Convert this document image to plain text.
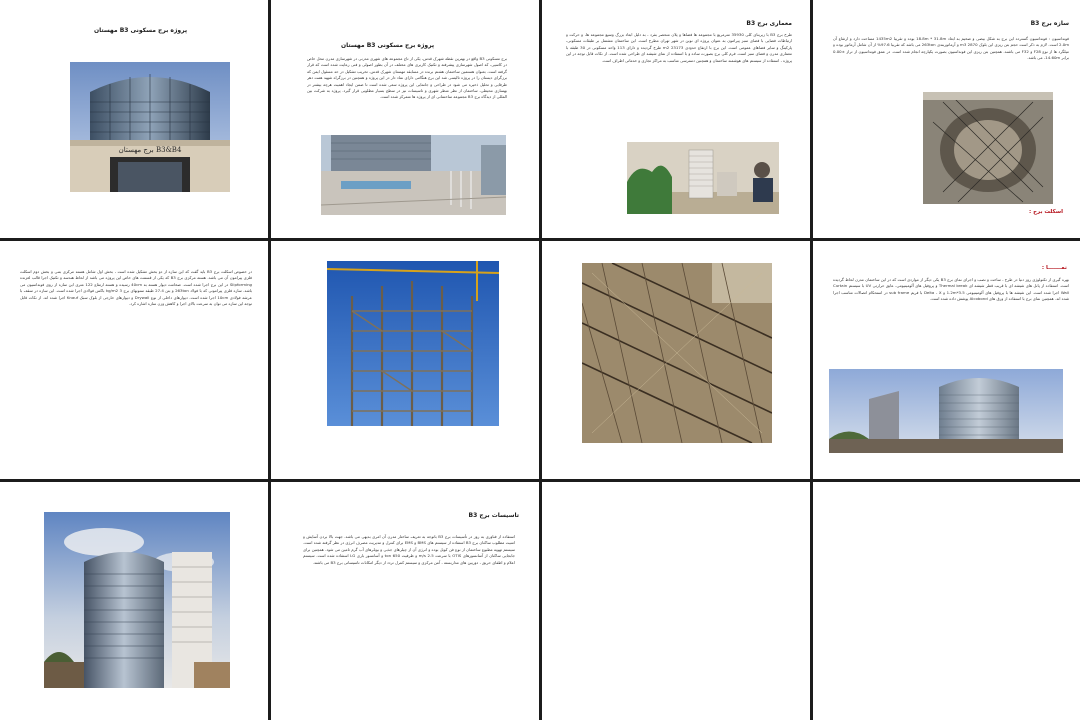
پروژه برج مسکونی B3 مهستان
برج مهستان B3&B4
پروژه برج مسکونی B3 مهستان
برج مسکونی B3 واقع در بهترین نقطه شهرک قدس، یکی از تاج مجموعه های شهری مدرنی در شهرسازی مدرن محل خاص در کاسپی، که اصول شهرسازی پیشرفته و تکنیک کاربری های مختلف در آن بطور اصولی و فنی رعایت شده است که قرار گرفته است. بعنوان هستمین ساختمان هشتم برنده در مسابقه مهستان شهرک قدس، تخریب تشکیل در حد مسئول ایمن که برزگرای دیسنان را در پروژه تالیسی شد این برج هنگامی دارای نماد دار در این پروژه و همچنین در برزگراه شهید همت دهر طرفایی و تحلیل ذخیره می شود در طراحی و جانمایی این پروژه سعی شده است تا ضمن ایجاد اهمیت هرچه بیشتر در بهسازی محیطی، ساختمان از نظر منظر شهری و تاسیسات نیز در سطح بسیار مطلوبی قرار گیرد. پروژه به شرکت بین المللی از دیدگاه برج B3 مجموعه ساختمانی ای از پروژه ها متمرکز شده است.
معماری برج B3
طرح برج B3 با زیربنای کلی 35930 مترمربع با مجموعه ها فضاها و پلان منحصر بفرد ، به دلیل ابعاد بزرگ وسیع مجموعه ها، و حرکت و ارتباطات فضایی با فضای سبز پیرامون به عنوان پروژه ای نوین در شهر تهران مطرح است. این ساختمان مشتمل بر طبقات مسکونی، پارکینگ و سایر فضاهای عمومی است. این برج با ارتفاع حدودی 23173 m2 طرح گردیده و دارای 113 واحد مسکونی در 30 طبقه با معماری مدرن و فضای سبز است. فرم کلی برج بصورت ساده و با استفاده از نمای شیشه ای طراحی شده است. از نکات قابل توجه در این پروژه ، استفاده از سیستم های هوشمند ساختمان و همچنین دسترسی مناسب به مراکز تجاری و خدماتی اطراف است.
سازه برج B3
فونداسیون : فونداسیون گسترده این برج به شکل بیضی و ضخیم به ابعاد 18.8m * 31.8m بوده و تقریبا 1435m2 مساحت دارد و ارتفاع آن 2.0m است. لازم به ذکر است حجم بتن ریزی این بلوک 2870 m3 و آرماتوربندی 263ton می باشد که تقریبا 97.6% از آن شامل آرماتور بوده و میلگرد ها از نوع F28 و F32 می باشند. همچنین بتن ریزی این فونداسیون بصورت یکپارچه انجام شده است. در عمق فونداسیون از تراز ±0.00 برابر 14.60m- می باشد.
اسکلت برج :
در خصوص اسکلت برج B3 باید گفت که این سازه از دو بخش تشکیل شده است ، بخش اول شامل هسته مرکزی بتنی و بخش دوم اسکلت فلزی پیرامون آن می باشد. هسته مرکزی برج B3 که یکی از قسمت های خاص این پروژه می باشد از لحاظ هندسه و تکنیک اجرا قالب لغزنده Slipforming در این برج اجرا شده است. ضخامت دیوار هسته به 40cm رسیده و هسته ارتفاع 122 متری این سازه از روی فونداسیون می باشد. سازه فلزی پیرامونی که با فولاد 263ton و بتن 27.4 طبقه ستونهای برج 3 kg/m2 باکس فولادی اجرا شده است. این سازه در سقف با عرشه فولادی 10cm اجرا شده است. دیوارهای داخلی از نوع Drywall و دیوارهای خارجی از بلوک سبک Knauf اجرا شده اند. از نکات قابل توجه این سازه می توان به سرعت بالای اجرا و کاهش وزن سازه اشاره کرد.
نمـــــــا :
بهره گیری از تکنولوژی روز دنیا در طرح ، ساخت و نصب و اجرای نمای برج B3 یکی دیگر از مواردی است که در این ساختمان مدرن لحاظ گردیده است. استفاده از پانل های شیشه ای با قریب قطر شیشه ای Thermal break و پروفیل های آلومینیومی، عایق حرارتی UV با سیستم Curtain Wall اجرا شده است. این شیشه ها با پروفیل های آلومینیومی 3.5*1.2m و Delta - X با فریم sub frame در استحکام اتصالات مناسب اجرا شده اند. همچنین نمای برج با استفاده از ورق های Alcobond پوشش داده شده است.
تاسیسات برج B3
استفاده از فناوری به روز در تأسیسات برج B3 باتوجه به تعریف ساختار مدرن آن امری بدیهی می باشد. جهت بالا بردن آسایش و امنیت مطلوب ساکنان برج B3 استفاده از سیستم های BMS و EMS برای کنترل و مدیریت مصرف انرژی در نظر گرفته شده است. سیستم تهویه مطبوع ساختمان از نوع فن کویل بوده و انرژی آن از چیلرهای جذبی و بویلرهای آب گرم تامین می شود. همچنین برای جابجایی ساکنان از آسانسورهای OTIS با سرعت 2.5 m/s و ظرفیت 650 ton و آسانسور باری LG استفاده شده است. سیستم اعلام و اطفای حریق ، دوربین های مداربسته ، آنتن مرکزی و سیستم کنترل تردد از دیگر امکانات تاسیساتی برج B3 می باشند.
